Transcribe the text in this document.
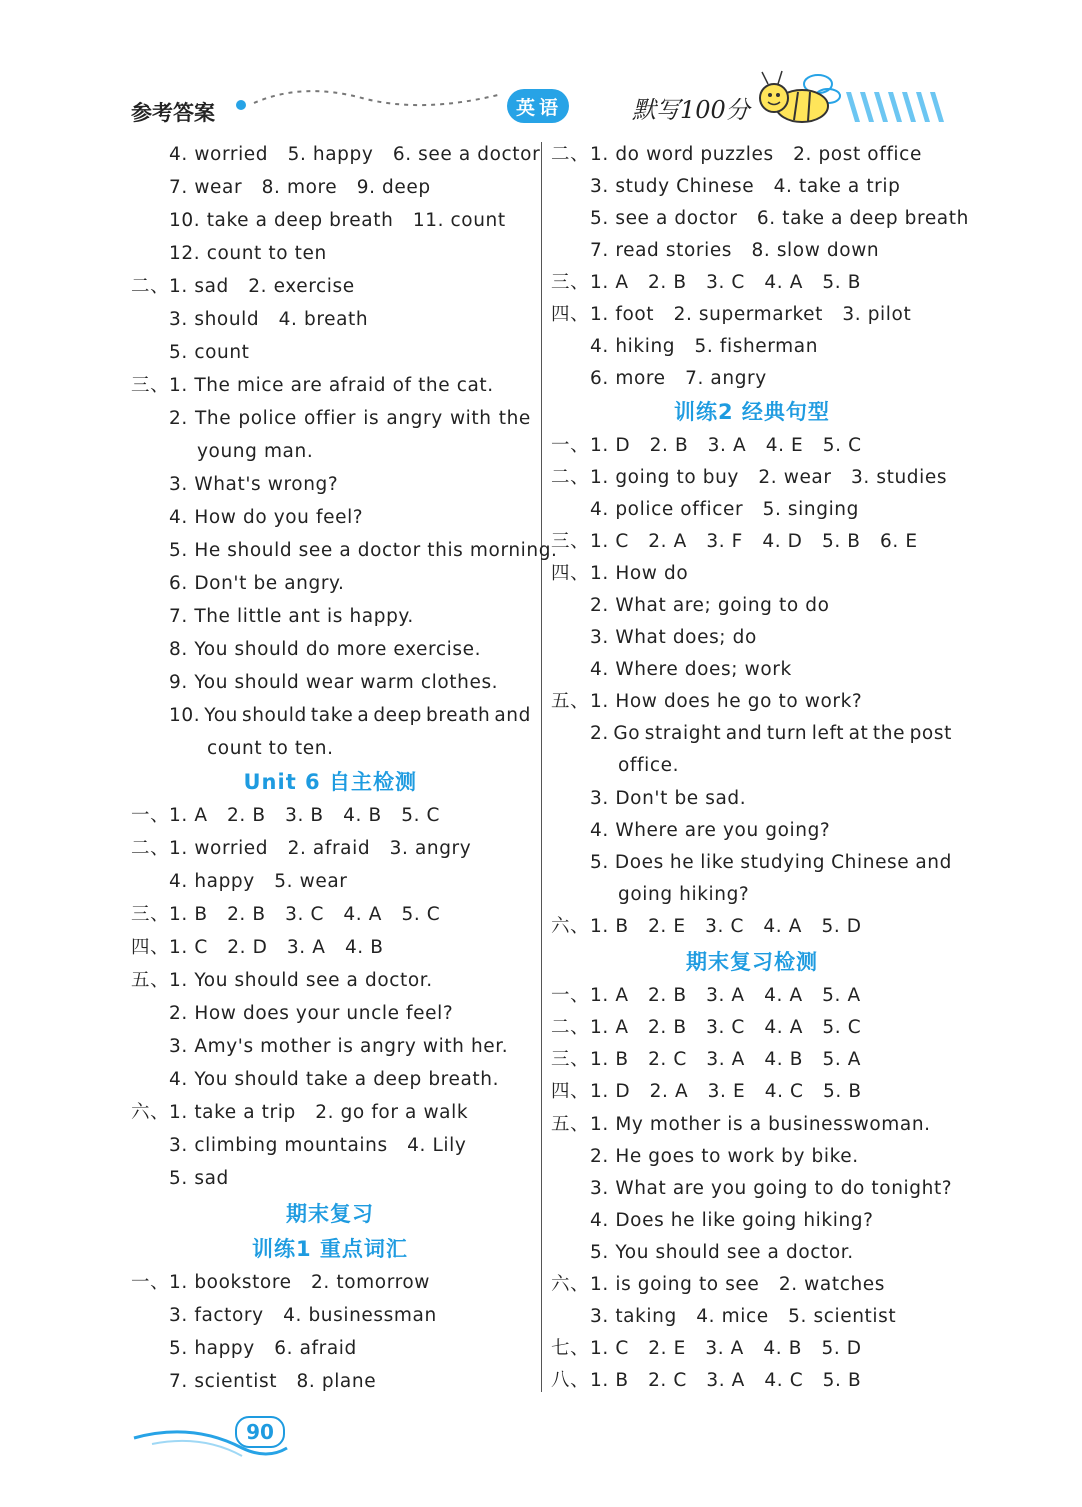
参考答案	英 语	默写100分
4. worried   5. happy   6. see a doctor
7. wear   8. more   9. deep
10. take a deep breath   11. count
12. count to ten
二、 1. sad   2. exercise
3. should   4. breath
5. count
三、 1. The mice are afraid of the cat.
2. The police offier is angry with the
young man.
3. What's wrong?
4. How do you feel?
5. He should see a doctor this morning.
6. Don't be angry.
7. The little ant is happy.
8. You should do more exercise.
9. You should wear warm clothes.
10. You should take a deep breath and
count to ten.
Unit 6 自主检测
一、 1. A   2. B   3. B   4. B   5. C
二、 1. worried   2. afraid   3. angry
4. happy   5. wear
三、 1. B   2. B   3. C   4. A   5. C
四、 1. C   2. D   3. A   4. B
五、 1. You should see a doctor.
2. How does your uncle feel?
3. Amy's mother is angry with her.
4. You should take a deep breath.
六、 1. take a trip   2. go for a walk
3. climbing mountains   4. Lily
5. sad
期末复习
训练1 重点词汇
一、 1. bookstore   2. tomorrow
3. factory   4. businessman
5. happy   6. afraid
7. scientist   8. plane
二、 1. do word puzzles   2. post office
3. study Chinese   4. take a trip
5. see a doctor   6. take a deep breath
7. read stories   8. slow down
三、 1. A   2. B   3. C   4. A   5. B
四、 1. foot   2. supermarket   3. pilot
4. hiking   5. fisherman
6. more   7. angry
训练2 经典句型
一、 1. D   2. B   3. A   4. E   5. C
二、 1. going to buy   2. wear   3. studies
4. police officer   5. singing
三、 1. C   2. A   3. F   4. D   5. B   6. E
四、 1. How do
2. What are; going to do
3. What does; do
4. Where does; work
五、 1. How does he go to work?
2. Go straight and turn left at the post
office.
3. Don't be sad.
4. Where are you going?
5. Does he like studying Chinese and
going hiking?
六、 1. B   2. E   3. C   4. A   5. D
期末复习检测
一、 1. A   2. B   3. A   4. A   5. A
二、 1. A   2. B   3. C   4. A   5. C
三、 1. B   2. C   3. A   4. B   5. A
四、 1. D   2. A   3. E   4. C   5. B
五、 1. My mother is a businesswoman.
2. He goes to work by bike.
3. What are you going to do tonight?
4. Does he like going hiking?
5. You should see a doctor.
六、 1. is going to see   2. watches
3. taking   4. mice   5. scientist
七、 1. C   2. E   3. A   4. B   5. D
八、 1. B   2. C   3. A   4. C   5. B
90
